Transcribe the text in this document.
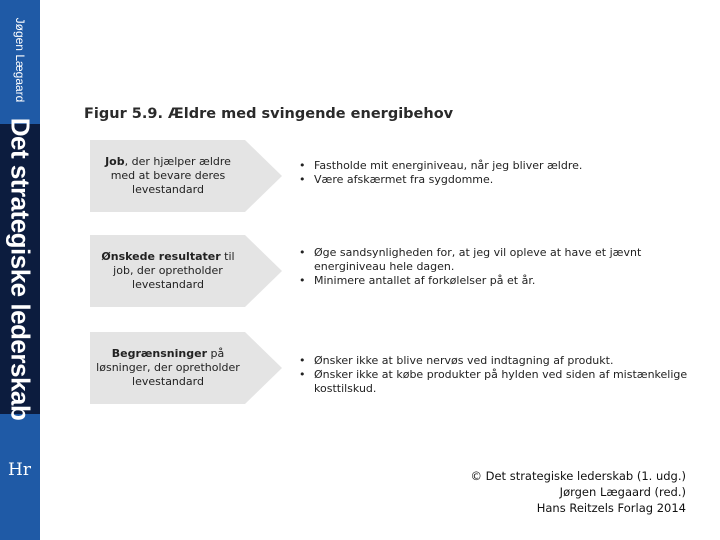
Jøgen Lægaard
Det strategiske lederskab
Hr
Figur 5.9. Ældre med svingende energibehov
Job, der hjælper ældre med at bevare deres levestandard
• Fastholde mit energiniveau, når jeg bliver ældre.
• Være afskærmet fra sygdomme.
Ønskede resultater til job, der opretholder levestandard
• Øge sandsynligheden for, at jeg vil opleve at have et jævnt energiniveau hele dagen.
• Minimere antallet af forkølelser på et år.
Begrænsninger på løsninger, der opretholder levestandard
• Ønsker ikke at blive nervøs ved indtagning af produkt.
• Ønsker ikke at købe produkter på hylden ved siden af mistænkelige kosttilskud.
© Det strategiske lederskab (1. udg.)
Jørgen Lægaard (red.)
Hans Reitzels Forlag 2014
